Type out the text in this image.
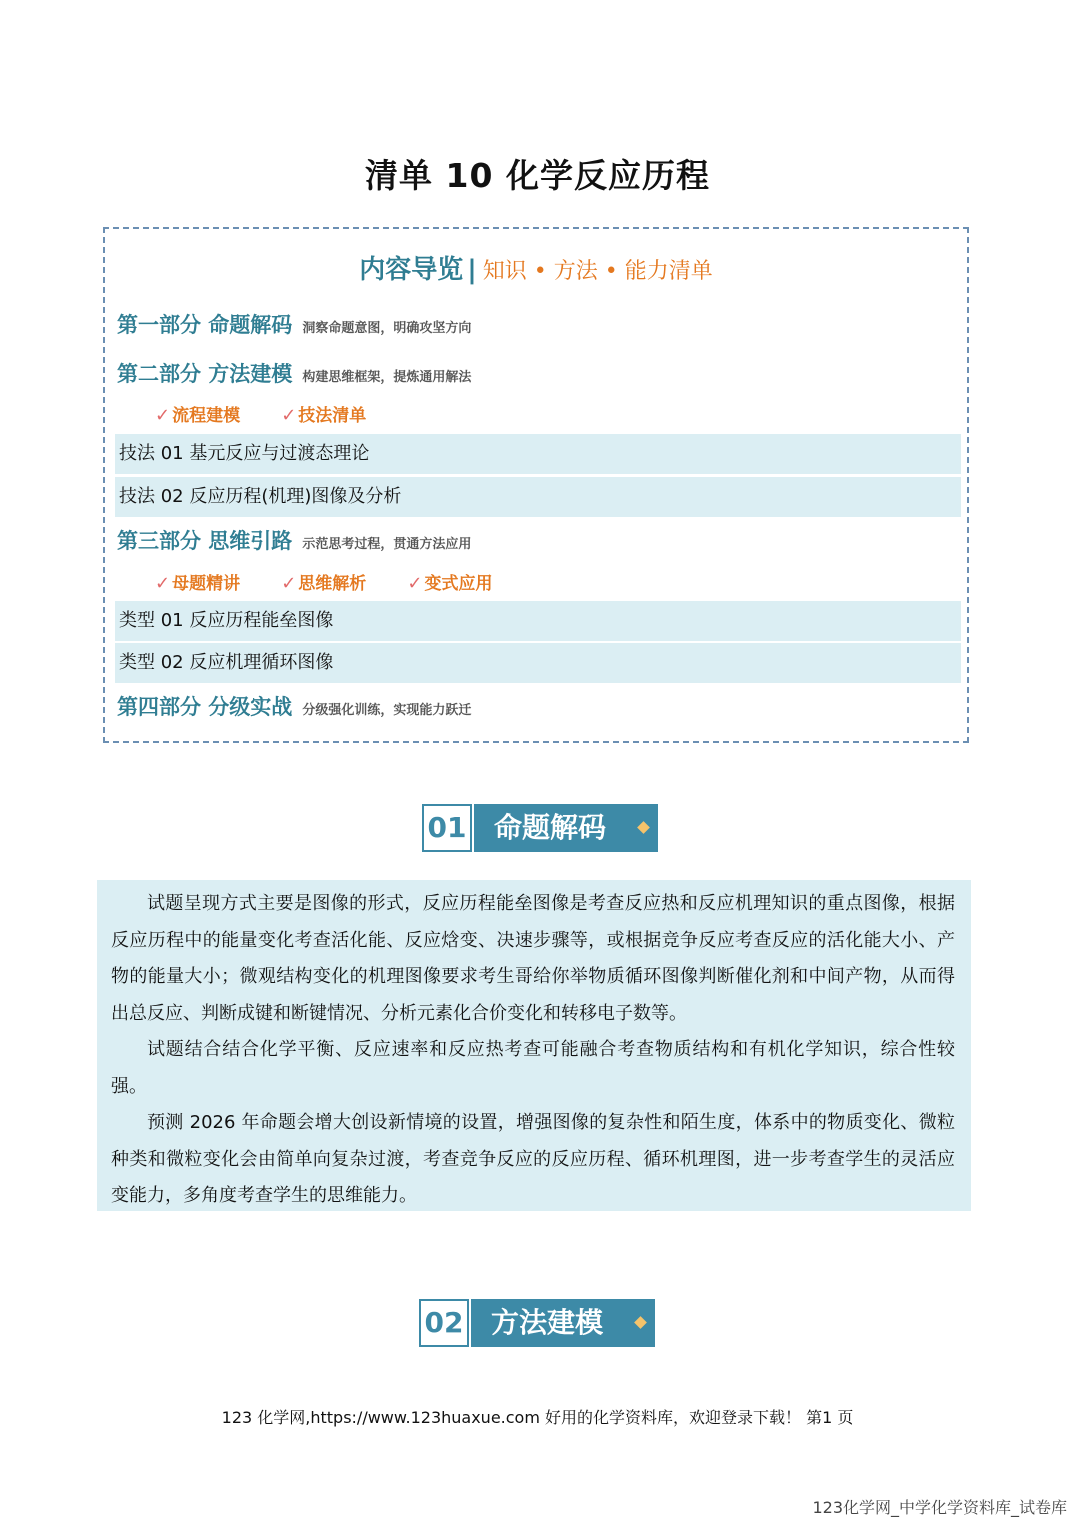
清单 10 化学反应历程
内容导览 | 知识 • 方法 • 能力清单
第一部分 命题解码 洞察命题意图，明确攻坚方向
第二部分 方法建模 构建思维框架，提炼通用解法
✓ 流程建模 ✓ 技法清单
技法 01 基元反应与过渡态理论
技法 02 反应历程(机理)图像及分析
第三部分 思维引路 示范思考过程，贯通方法应用
✓ 母题精讲 ✓ 思维解析 ✓ 变式应用
类型 01 反应历程能垒图像
类型 02 反应机理循环图像
第四部分 分级实战 分级强化训练，实现能力跃迁
01 命题解码

试题呈现方式主要是图像的形式，反应历程能垒图像是考查反应热和反应机理知识的重点图像，根据反应历程中的能量变化考查活化能、反应焓变、决速步骤等，或根据竞争反应考查反应的活化能大小、产物的能量大小；微观结构变化的机理图像要求考生哥给你举物质循环图像判断催化剂和中间产物，从而得出总反应、判断成键和断键情况、分析元素化合价变化和转移电子数等。

试题结合结合化学平衡、反应速率和反应热考查可能融合考查物质结构和有机化学知识，综合性较强。

预测 2026 年命题会增大创设新情境的设置，增强图像的复杂性和陌生度，体系中的物质变化、微粒种类和微粒变化会由简单向复杂过渡，考查竞争反应的反应历程、循环机理图，进一步考查学生的灵活应变能力，多角度考查学生的思维能力。

02 方法建模
123 化学网,https://www.123huaxue.com 好用的化学资料库，欢迎登录下载！ 第1 页
123化学网_中学化学资料库_试卷库
